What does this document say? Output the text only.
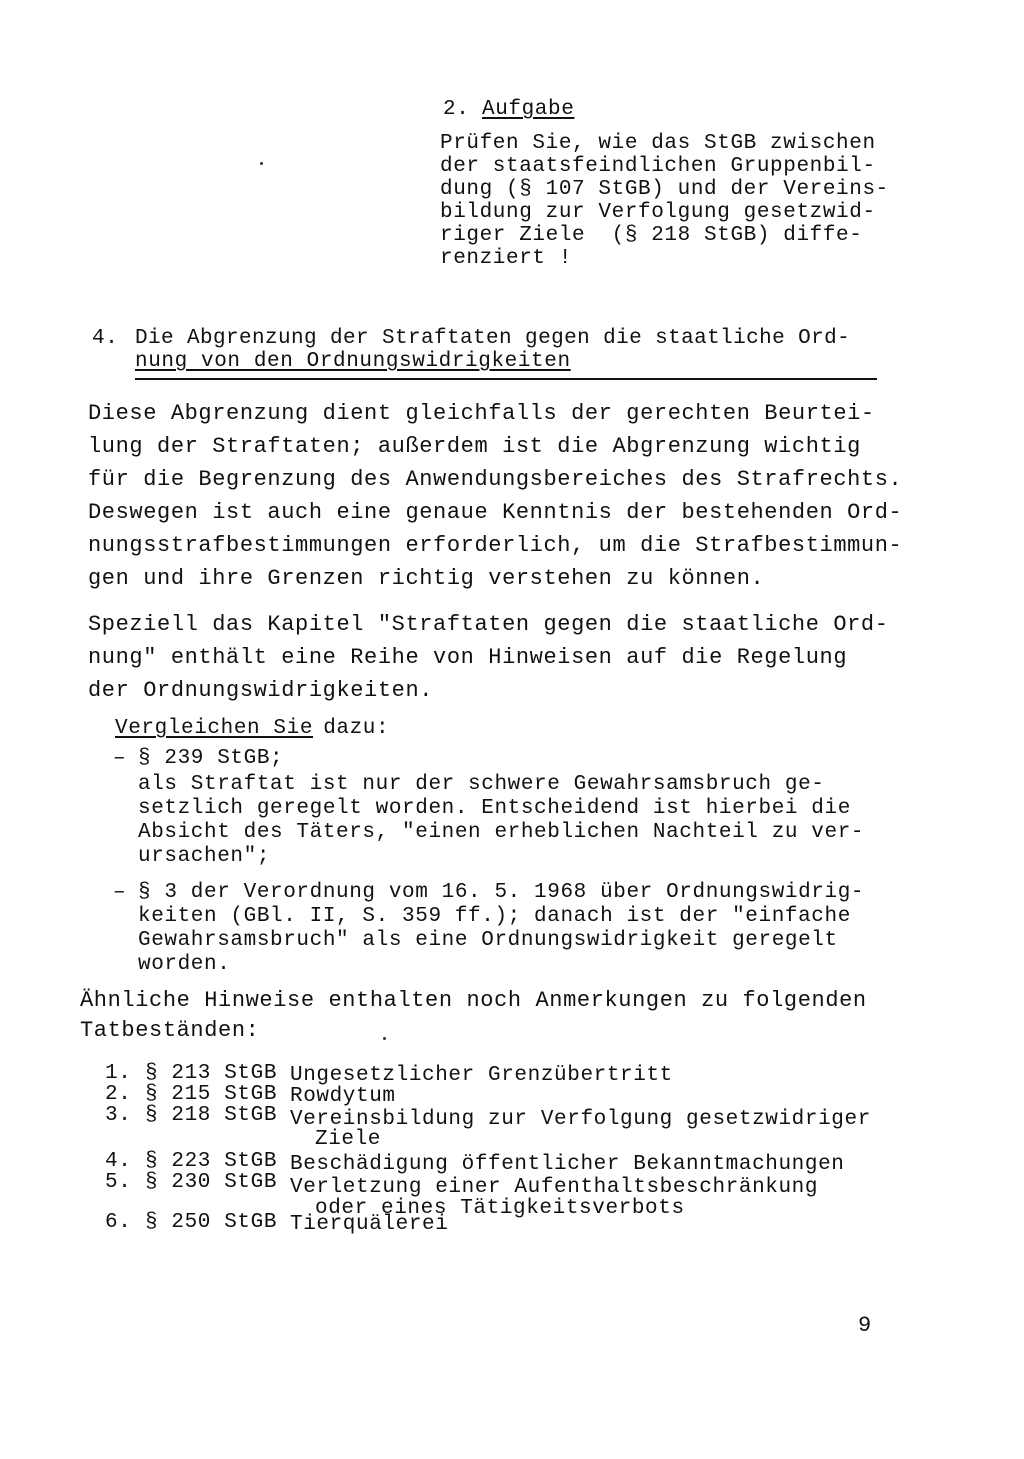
2. Aufgabe
Prüfen Sie, wie das StGB zwischen
der staatsfeindlichen Gruppenbil-
dung (§ 107 StGB) und der Vereins-
bildung zur Verfolgung gesetzwid-
riger Ziele  (§ 218 StGB) diffe-
renziert !
4. Die Abgrenzung der Straftaten gegen die staatliche Ord-
nung von den Ordnungswidrigkeiten
Diese Abgrenzung dient gleichfalls der gerechten Beurtei-
lung der Straftaten; außerdem ist die Abgrenzung wichtig
für die Begrenzung des Anwendungsbereiches des Strafrechts.
Deswegen ist auch eine genaue Kenntnis der bestehenden Ord-
nungsstrafbestimmungen erforderlich, um die Strafbestimmun-
gen und ihre Grenzen richtig verstehen zu können.
Speziell das Kapitel "Straftaten gegen die staatliche Ord-
nung" enthält eine Reihe von Hinweisen auf die Regelung
der Ordnungswidrigkeiten.
Vergleichen Sie
dazu:
– § 239 StGB;
als Straftat ist nur der schwere Gewahrsamsbruch ge-
setzlich geregelt worden. Entscheidend ist hierbei die
Absicht des Täters, "einen erheblichen Nachteil zu ver-
ursachen";
– § 3 der Verordnung vom 16. 5. 1968 über Ordnungswidrig-
keiten (GBl. II, S. 359 ff.); danach ist der "einfache
Gewahrsamsbruch" als eine Ordnungswidrigkeit geregelt
worden.
Ähnliche Hinweise enthalten noch Anmerkungen zu folgenden
Tatbeständen:
1. § 213 StGB Ungesetzlicher Grenzübertritt
2. § 215 StGB Rowdytum
3. § 218 StGB Vereinsbildung zur Verfolgung gesetzwidriger
Ziele
4. § 223 StGB Beschädigung öffentlicher Bekanntmachungen
5. § 230 StGB Verletzung einer Aufenthaltsbeschränkung
oder eines Tätigkeitsverbots
6. § 250 StGB Tierquälerei
9
